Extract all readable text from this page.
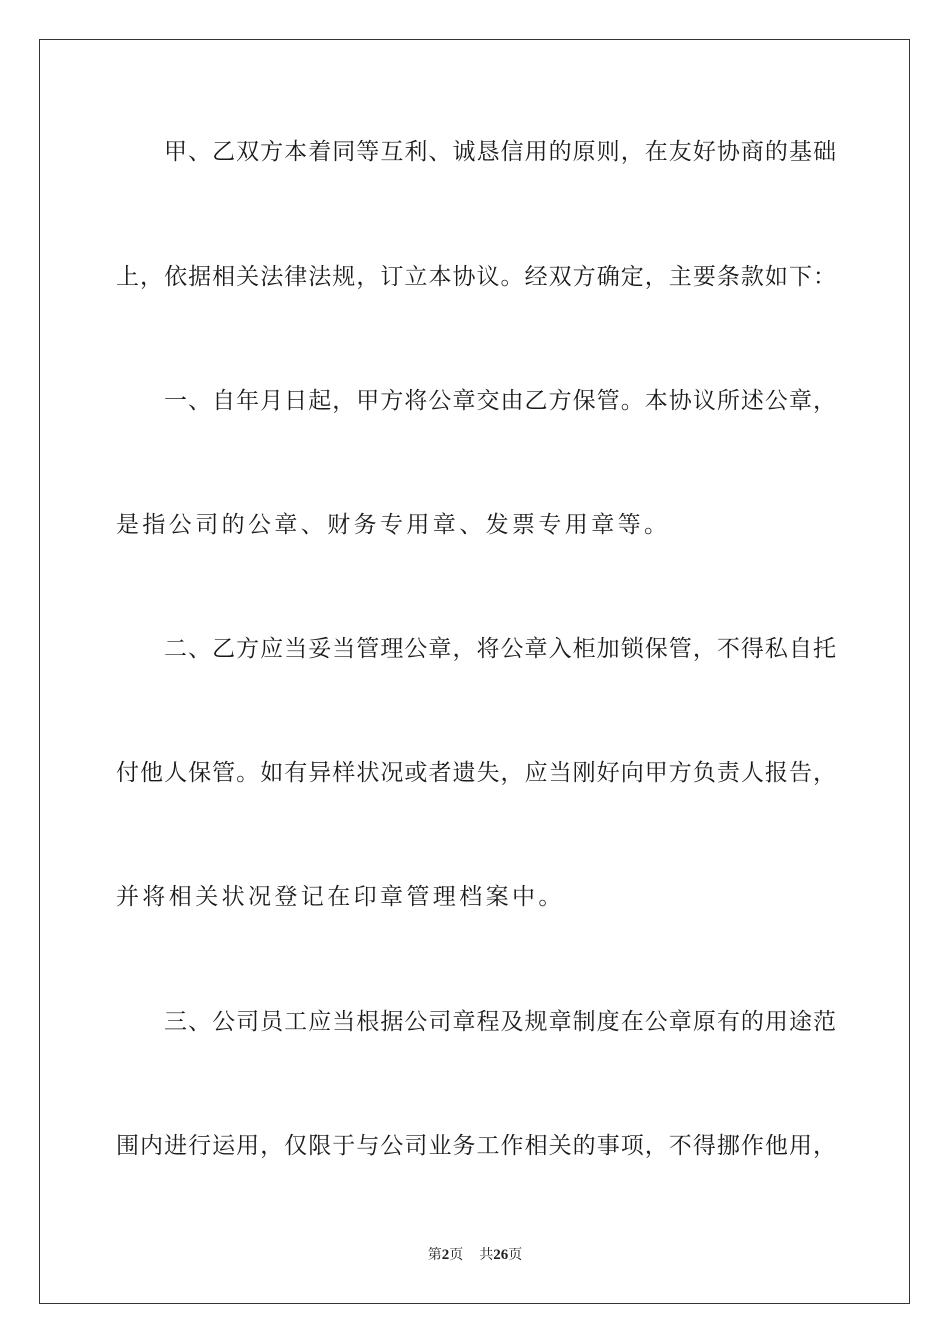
甲、乙双方本着同等互利、诚恳信用的原则，在友好协商的基础
上，依据相关法律法规，订立本协议。经双方确定，主要条款如下：
一、自年月日起，甲方将公章交由乙方保管。本协议所述公章，
是指公司的公章、财务专用章、发票专用章等。
二、乙方应当妥当管理公章，将公章入柜加锁保管，不得私自托
付他人保管。如有异样状况或者遗失，应当刚好向甲方负责人报告，
并将相关状况登记在印章管理档案中。
三、公司员工应当根据公司章程及规章制度在公章原有的用途范
围内进行运用，仅限于与公司业务工作相关的事项，不得挪作他用，
第2页 共26页
